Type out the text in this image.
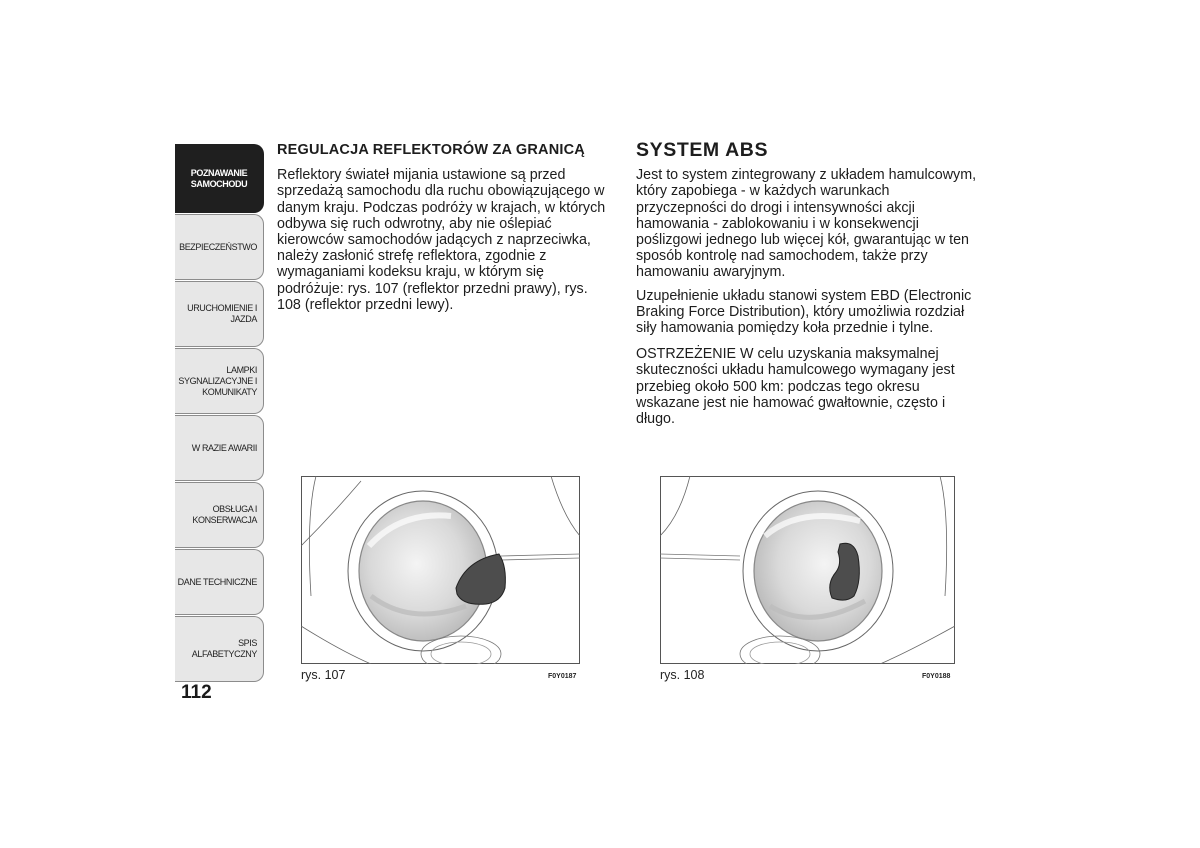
POZNAWANIE
SAMOCHODU
BEZPIECZEŃSTWO
URUCHOMIENIE I
JAZDA
LAMPKI
SYGNALIZACYJNE I
KOMUNIKATY
W RAZIE AWARII
OBSŁUGA I
KONSERWACJA
DANE TECHNICZNE
SPIS ALFABETYCZNY
112
REGULACJA REFLEKTORÓW ZA GRANICĄ

Reflektory świateł mijania ustawione są przed sprzedażą samochodu dla ruchu obowiązującego w danym kraju. Podczas podróży w krajach, w których odbywa się ruch odwrotny, aby nie oślepiać kierowców samochodów jadących z naprzeciwka, należy zasłonić strefę reflektora, zgodnie z wymaganiami kodeksu kraju, w którym się podróżuje: rys. 107 (reflektor przedni prawy), rys. 108 (reflektor przedni lewy).

SYSTEM ABS

Jest to system zintegrowany z układem hamulcowym, który zapobiega - w każdych warunkach przyczepności do drogi i intensywności akcji hamowania - zablokowaniu i w konsekwencji poślizgowi jednego lub więcej kół, gwarantując w ten sposób kontrolę nad samochodem, także przy hamowaniu awaryjnym.

Uzupełnienie układu stanowi system EBD (Electronic Braking Force Distribution), który umożliwia rozdział siły hamowania pomiędzy koła przednie i tylne.

OSTRZEŻENIE W celu uzyskania maksymalnej skuteczności układu hamulcowego wymagany jest przebieg około 500 km: podczas tego okresu wskazane jest nie hamować gwałtownie, często i długo.

rys. 107	F0Y0187	rys. 108	F0Y0188
